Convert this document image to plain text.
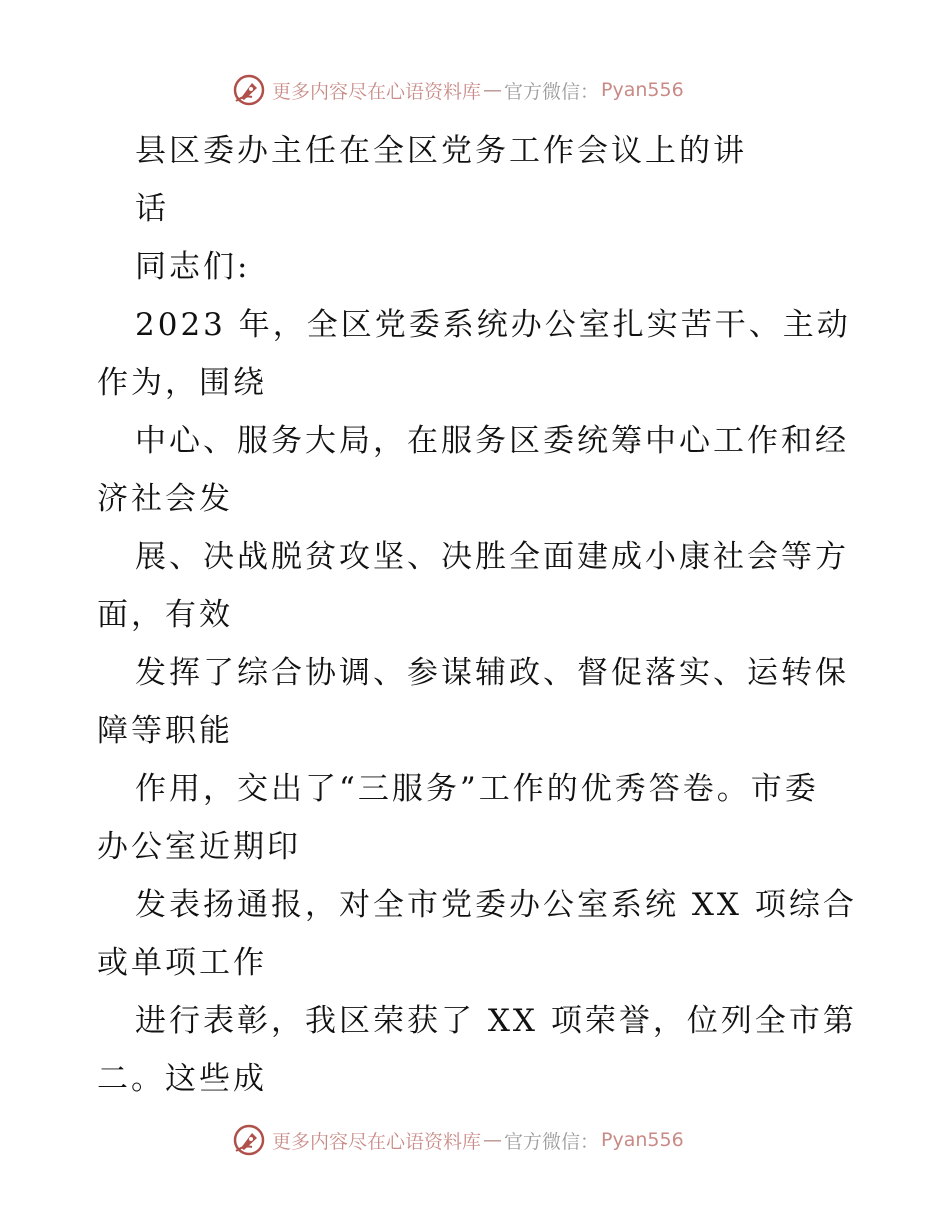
更多内容尽在心语资料库 — 官方微信： Pyan556
县区委办主任在全区党务工作会议上的讲
话
同志们:
2023 年，全区党委系统办公室扎实苦干、主动
作为，围绕
中心、服务大局，在服务区委统筹中心工作和经
济社会发
展、决战脱贫攻坚、决胜全面建成小康社会等方
面，有效
发挥了综合协调、参谋辅政、督促落实、运转保
障等职能
作用，交出了“三服务”工作的优秀答卷。市委
办公室近期印
发表扬通报，对全市党委办公室系统 XX 项综合
或单项工作
进行表彰，我区荣获了 XX 项荣誉，位列全市第
二。这些成
更多内容尽在心语资料库 — 官方微信： Pyan556
